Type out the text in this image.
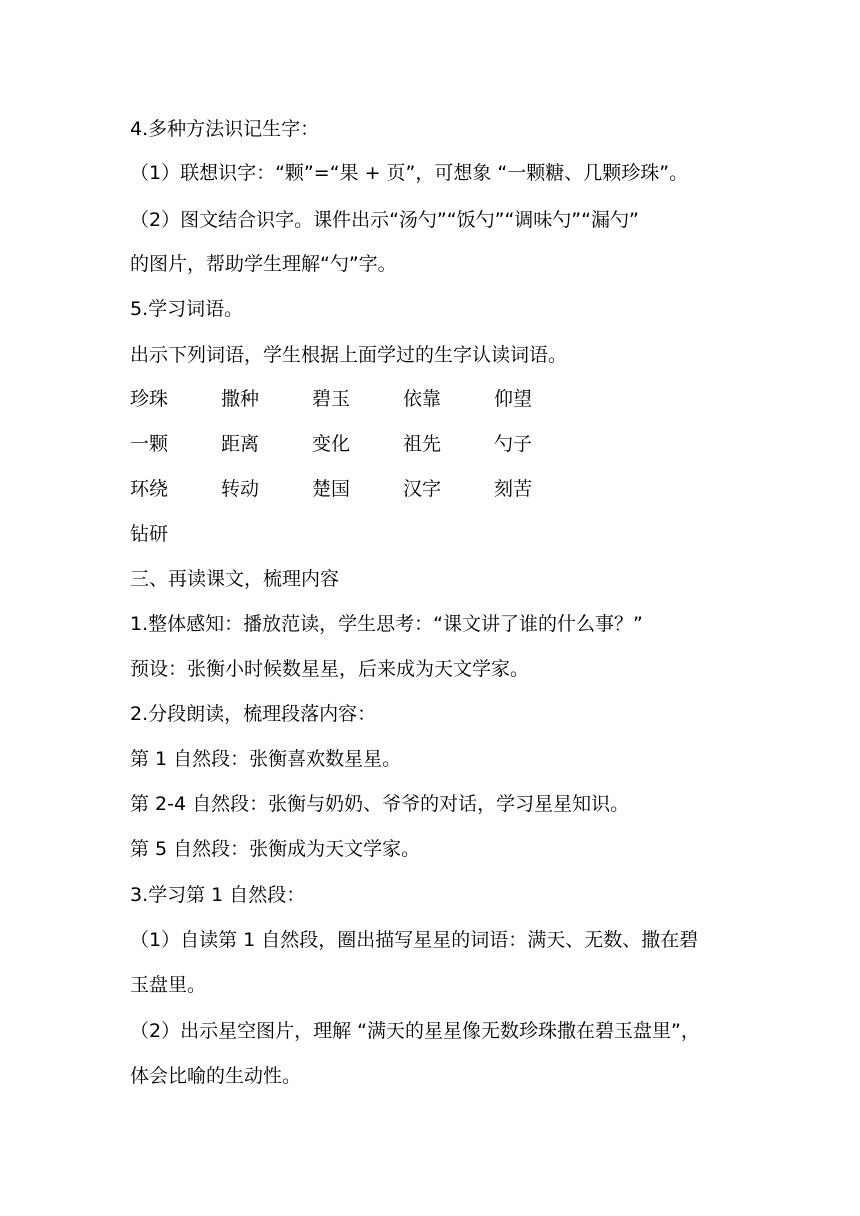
4.多种方法识记生字：
（1）联想识字：“颗”=“果 + 页”，可想象 “一颗糖、几颗珍珠”。
（2）图文结合识字。课件出示“汤勺”“饭勺”“调味勺”“漏勺”
的图片，帮助学生理解“勺”字。
5.学习词语。
出示下列词语，学生根据上面学过的生字认读词语。
珍珠	撒种	碧玉	依靠	仰望
一颗	距离	变化	祖先	勺子
环绕	转动	楚国	汉字	刻苦
钻研
三、再读课文，梳理内容
1.整体感知：播放范读，学生思考：“课文讲了谁的什么事？”
预设：张衡小时候数星星，后来成为天文学家。
2.分段朗读，梳理段落内容：
第 1 自然段：张衡喜欢数星星。
第 2-4 自然段：张衡与奶奶、爷爷的对话，学习星星知识。
第 5 自然段：张衡成为天文学家。
3.学习第 1 自然段：
（1）自读第 1 自然段，圈出描写星星的词语：满天、无数、撒在碧
玉盘里。
（2）出示星空图片，理解 “满天的星星像无数珍珠撒在碧玉盘里”，
体会比喻的生动性。
